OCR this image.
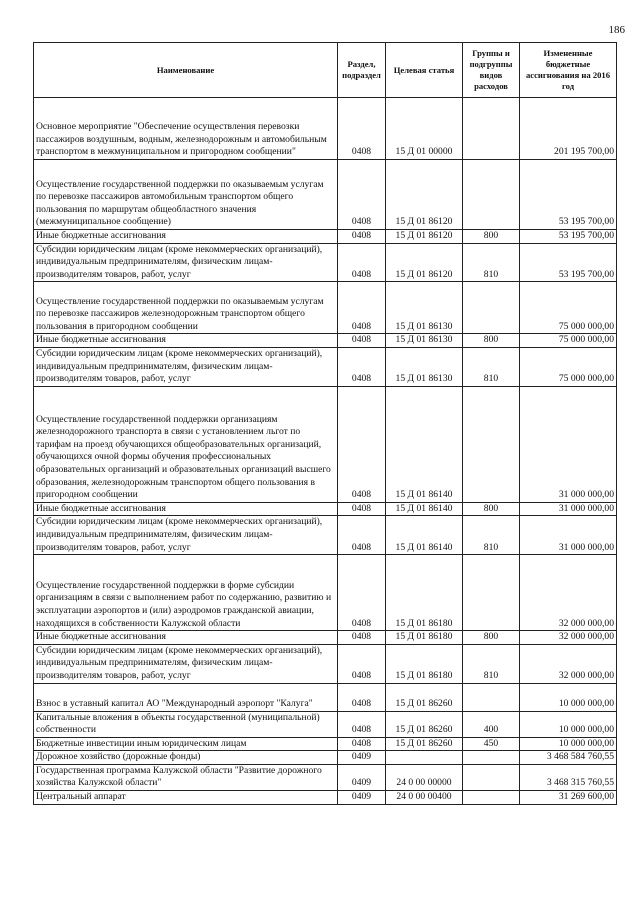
186
Наименование	Раздел, подраздел	Целевая статья	Группы и подгруппы видов расходов	Измененные бюджетные ассигнования на 2016 год
Основное мероприятие "Обеспечение осуществления перевозки пассажиров воздушным, водным, железнодорожным и автомобильным транспортом в межмуниципальном и пригородном сообщении"	0408	15 Д 01 00000		201 195 700,00
Осуществление государственной поддержки по оказываемым услугам по перевозке пассажиров автомобильным транспортом общего пользования по маршрутам общеобластного значения (межмуниципальное сообщение)	0408	15 Д 01 86120		53 195 700,00
Иные бюджетные ассигнования	0408	15 Д 01 86120	800	53 195 700,00
Субсидии юридическим лицам (кроме некоммерческих организаций), индивидуальным предпринимателям, физическим лицам-производителям товаров, работ, услуг	0408	15 Д 01 86120	810	53 195 700,00
Осуществление государственной поддержки по оказываемым услугам по перевозке пассажиров железнодорожным транспортом общего пользования в пригородном сообщении	0408	15 Д 01 86130		75 000 000,00
Иные бюджетные ассигнования	0408	15 Д 01 86130	800	75 000 000,00
Субсидии юридическим лицам (кроме некоммерческих организаций), индивидуальным предпринимателям, физическим лицам-производителям товаров, работ, услуг	0408	15 Д 01 86130	810	75 000 000,00
Осуществление государственной поддержки организациям железнодорожного транспорта в связи с установлением льгот по тарифам на проезд обучающихся общеобразовательных организаций, обучающихся очной формы обучения профессиональных образовательных организаций и образовательных организаций высшего образования, железнодорожным транспортом общего пользования в пригородном сообщении	0408	15 Д 01 86140		31 000 000,00
Иные бюджетные ассигнования	0408	15 Д 01 86140	800	31 000 000,00
Субсидии юридическим лицам (кроме некоммерческих организаций), индивидуальным предпринимателям, физическим лицам-производителям товаров, работ, услуг	0408	15 Д 01 86140	810	31 000 000,00
Осуществление государственной поддержки в форме субсидии организациям в связи с выполнением работ по содержанию, развитию и эксплуатации аэропортов и (или) аэродромов гражданской авиации, находящихся в собственности Калужской области	0408	15 Д 01 86180		32 000 000,00
Иные бюджетные ассигнования	0408	15 Д 01 86180	800	32 000 000,00
Субсидии юридическим лицам (кроме некоммерческих организаций), индивидуальным предпринимателям, физическим лицам-производителям товаров, работ, услуг	0408	15 Д 01 86180	810	32 000 000,00
Взнос в уставный капитал АО "Международный аэропорт "Калуга"	0408	15 Д 01 86260		10 000 000,00
Капитальные вложения в объекты государственной (муниципальной) собственности	0408	15 Д 01 86260	400	10 000 000,00
Бюджетные инвестиции иным юридическим лицам	0408	15 Д 01 86260	450	10 000 000,00
Дорожное хозяйство (дорожные фонды)	0409			3 468 584 760,55
Государственная программа Калужской области "Развитие дорожного хозяйства Калужской области"	0409	24 0 00 00000		3 468 315 760,55
Центральный аппарат	0409	24 0 00 00400		31 269 600,00
